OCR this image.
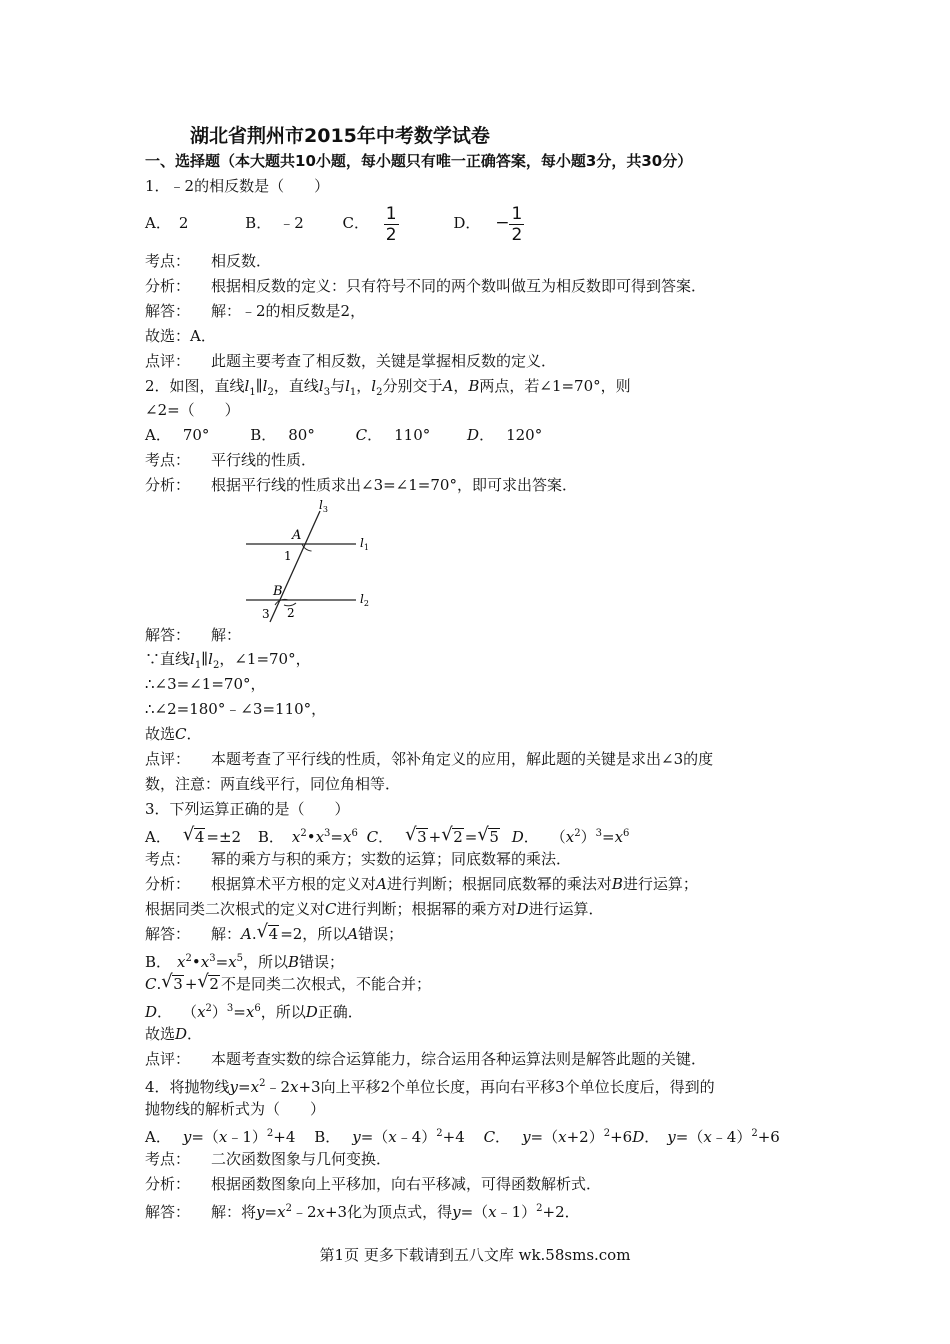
湖北省荆州市2015年中考数学试卷
一、选择题（本大题共10小题，每小题只有唯一正确答案，每小题3分，共30分）
1．﹣2的相反数是（　　）
A． 2	B． ﹣2	C． $\frac{1}{2}$	D． − $\frac{1}{2}$
考点： 相反数．
分析： 根据相反数的定义：只有符号不同的两个数叫做互为相反数即可得到答案．
解答： 解：﹣2的相反数是2，
故选：A．
点评： 此题主要考查了相反数，关键是掌握相反数的定义．
2．如图，直线$l_1\parallel l_2$，直线$l_3$与$l_1$，$l_2$分别交于A，B两点，若∠1=70°，则
∠2=（　　）
A． 70°	B． 80°	C． 110° D． 120°
考点： 平行线的性质．
分析： 根据平行线的性质求出∠3=∠1=70°，即可求出答案．
$l_3$
$l_1$
$l_2$
A
1
B
3 2
解答： 解：
∵直线$l_1\parallel l_2$，∠1=70°，
∴∠3=∠1=70°，
∴∠2=180°﹣∠3=110°，
故选C．
点评： 本题考查了平行线的性质，邻补角定义的应用，解此题的关键是求出∠3的度
数，注意：两直线平行，同位角相等．
3．下列运算正确的是（　　）
A． √ 4 =±2 B． $x^2•x^3=x^6$ C． √ 3 + √ 2 = √ 5 D． $(x^2)^3=x^6$
考点： 幂的乘方与积的乘方；实数的运算；同底数幂的乘法．
分析： 根据算术平方根的定义对A进行判断；根据同底数幂的乘法对B进行运算；
根据同类二次根式的定义对C进行判断；根据幂的乘方对D进行运算．
解答： 解：A. √ 4 =2，所以A错误；
B． $x^2•x^3=x^5$，所以B错误；
C. √ 3 + √ 2 不是同类二次根式，不能合并；
D． $(x^2)^3=x^6$，所以D正确．
故选D．
点评： 本题考查实数的综合运算能力，综合运用各种运算法则是解答此题的关键．
4．将抛物线$y=x^2﹣2x+3$向上平移2个单位长度，再向右平移3个单位长度后，得到的
抛物线的解析式为（　　）
A． y=（x﹣1）$^2$+4 B． y=（x﹣4）$^2$+4 C． $y=(x+2)^2+6D$． y=（x﹣4）$^2$+6
考点： 二次函数图象与几何变换．
分析： 根据函数图象向上平移加，向右平移减，可得函数解析式．
解答： 解：将$y=x^2﹣2x+3$化为顶点式，得y=（x﹣1）$^2$+2．
第1页 更多下载请到五八文库 wk.58sms.com
